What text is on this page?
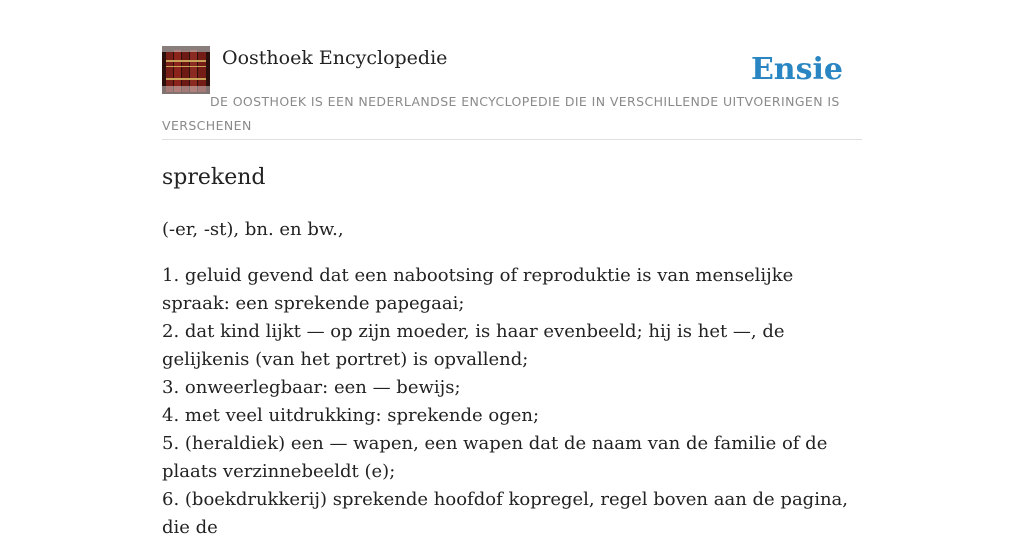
Oosthoek Encyclopedie	Ensie

DE OOSTHOEK IS EEN NEDERLANDSE ENCYCLOPEDIE DIE IN VERSCHILLENDE UITVOERINGEN IS VERSCHENEN

sprekend

(-er, -st), bn. en bw.,

1. geluid gevend dat een nabootsing of reproduktie is van menselijke spraak: een sprekende papegaai;
2. dat kind lijkt — op zijn moeder, is haar evenbeeld; hij is het —, de gelijkenis (van het portret) is opvallend;
3. onweerlegbaar: een — bewijs;
4. met veel uitdrukking: sprekende ogen;
5. (heraldiek) een — wapen, een wapen dat de naam van de familie of de plaats verzinnebeeldt (e);
6. (boekdrukkerij) sprekende hoofdof kopregel, regel boven aan de pagina, die de
